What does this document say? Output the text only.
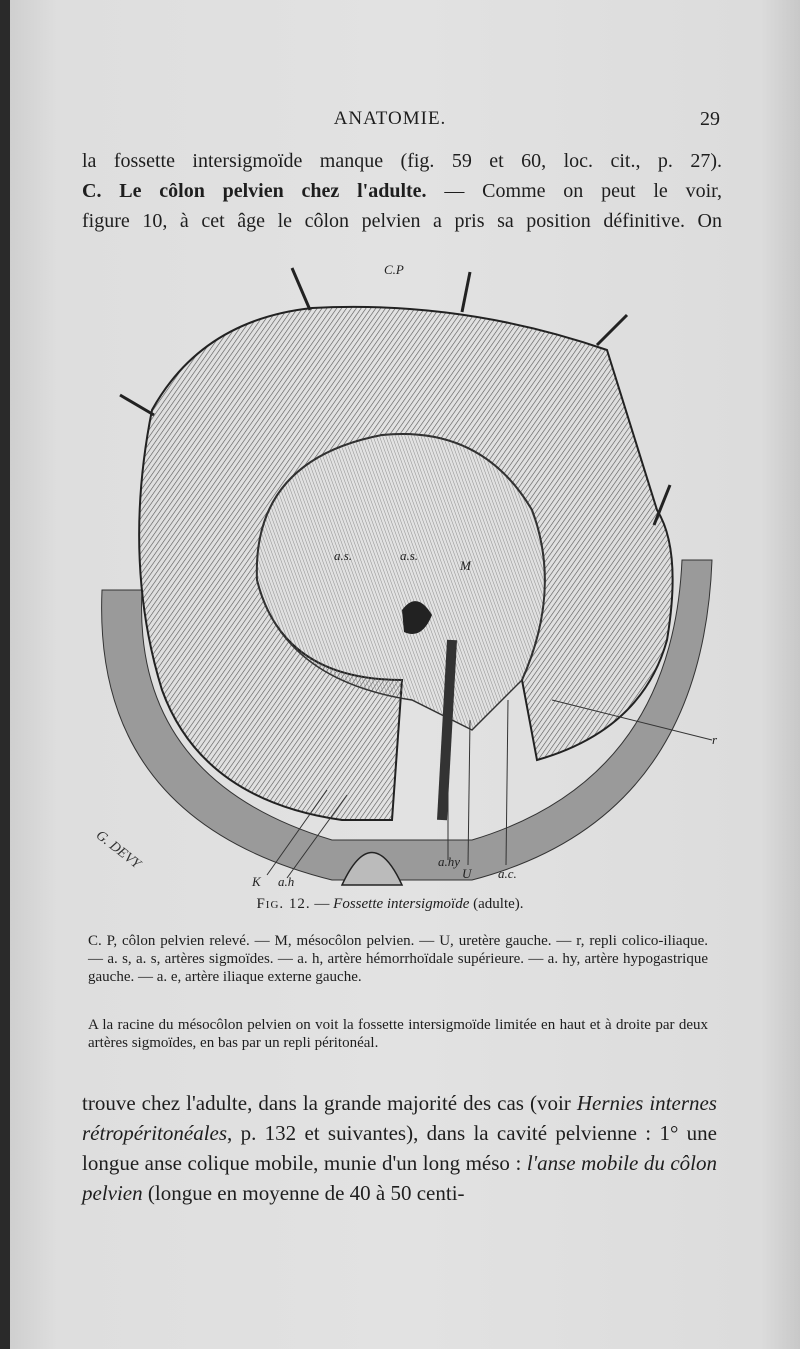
ANATOMIE.	29
la fossette intersigmoïde manque (fig. 59 et 60, loc. cit., p. 27).
C. Le côlon pelvien chez l'adulte. — Comme on peut le voir,
figure 10, à cet âge le côlon pelvien a pris sa position définitive. On
C.P
a.s.	a.s.
M
r
a.hy
U a.c.
a.h
K
G. DEVY
Fig. 12. — Fossette intersigmoïde (adulte).
C. P, côlon pelvien relevé. — M, mésocôlon pelvien. — U, uretère gauche. — r, repli colico-iliaque. — a. s, a. s, artères sigmoïdes. — a. h, artère hémorrhoïdale supérieure. — a. hy, artère hypogastrique gauche. — a. e, artère iliaque externe gauche.
A la racine du mésocôlon pelvien on voit la fossette intersigmoïde limitée en haut et à droite par deux artères sigmoïdes, en bas par un repli péritonéal.
trouve chez l'adulte, dans la grande majorité des cas (voir Hernies internes rétropéritonéales, p. 132 et suivantes), dans la cavité pelvienne : 1° une longue anse colique mobile, munie d'un long méso : l'anse mobile du côlon pelvien (longue en moyenne de 40 à 50 centi-
